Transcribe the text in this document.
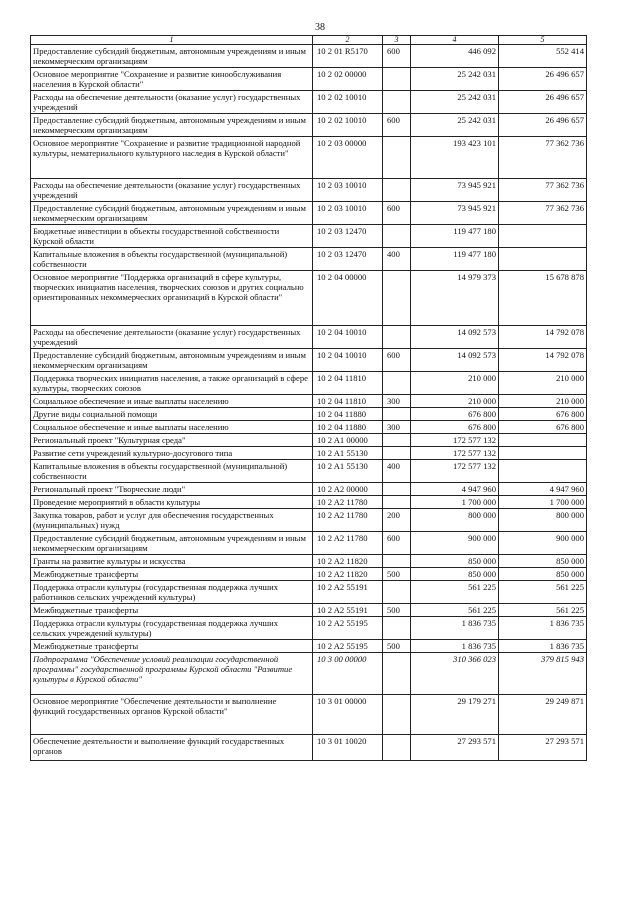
38
1	2	3	4	5
Предоставление субсидий бюджетным, автономным учреждениям и иным некоммерческим организациям	10 2 01 R5170	600	446 092	552 414
Основное мероприятие "Сохранение и развитие кинообслуживания населения в Курской области"	10 2 02 00000		25 242 031	26 496 657
Расходы на обеспечение деятельности (оказание услуг) государственных учреждений	10 2 02 10010		25 242 031	26 496 657
Предоставление субсидий бюджетным, автономным учреждениям и иным некоммерческим организациям	10 2 02 10010	600	25 242 031	26 496 657
Основное мероприятие "Сохранение и развитие традиционной народной культуры, нематериального культурного наследия в Курской области"	10 2 03 00000		193 423 101	77 362 736
Расходы на обеспечение деятельности (оказание услуг) государственных учреждений	10 2 03 10010		73 945 921	77 362 736
Предоставление субсидий бюджетным, автономным учреждениям и иным некоммерческим организациям	10 2 03 10010	600	73 945 921	77 362 736
Бюджетные инвестиции в объекты государственной собственности Курской области	10 2 03 12470		119 477 180	
Капитальные вложения в объекты государственной (муниципальной) собственности	10 2 03 12470	400	119 477 180	
Основное мероприятие "Поддержка организаций в сфере культуры, творческих инициатив населения, творческих союзов и других социально ориентированных некоммерческих организаций в Курской области"	10 2 04 00000		14 979 373	15 678 878
Расходы на обеспечение деятельности (оказание услуг) государственных учреждений	10 2 04 10010		14 092 573	14 792 078
Предоставление субсидий бюджетным, автономным учреждениям и иным некоммерческим организациям	10 2 04 10010	600	14 092 573	14 792 078
Поддержка творческих инициатив населения, а также организаций в сфере культуры, творческих союзов	10 2 04 11810		210 000	210 000
Социальное обеспечение и иные выплаты населению	10 2 04 11810	300	210 000	210 000
Другие виды социальной помощи	10 2 04 11880		676 800	676 800
Социальное обеспечение и иные выплаты населению	10 2 04 11880	300	676 800	676 800
Региональный проект "Культурная среда"	10 2 A1 00000		172 577 132	
Развитие сети учреждений культурно-досугового типа	10 2 A1 55130		172 577 132	
Капитальные вложения в объекты государственной (муниципальной) собственности	10 2 A1 55130	400	172 577 132	
Региональный проект "Творческие люди"	10 2 A2 00000		4 947 960	4 947 960
Проведение мероприятий в области культуры	10 2 A2 11780		1 700 000	1 700 000
Закупка товаров, работ и услуг для обеспечения государственных (муниципальных) нужд	10 2 A2 11780	200	800 000	800 000
Предоставление субсидий бюджетным, автономным учреждениям и иным некоммерческим организациям	10 2 A2 11780	600	900 000	900 000
Гранты на развитие культуры и искусства	10 2 A2 11820		850 000	850 000
Межбюджетные трансферты	10 2 A2 11820	500	850 000	850 000
Поддержка отрасли культуры (государственная поддержка лучших работников сельских учреждений культуры)	10 2 A2 55191		561 225	561 225
Межбюджетные трансферты	10 2 A2 55191	500	561 225	561 225
Поддержка отрасли культуры (государственная поддержка лучших сельских учреждений культуры)	10 2 A2 55195		1 836 735	1 836 735
Межбюджетные трансферты	10 2 A2 55195	500	1 836 735	1 836 735
Подпрограмма "Обеспечение условий реализации государственной программы" государственной программы Курской области "Развитие культуры в Курской области"	10 3 00 00000		310 366 023	379 815 943
Основное мероприятие "Обеспечение деятельности и выполнение функций государственных органов Курской области"	10 3 01 00000		29 179 271	29 249 871
Обеспечение деятельности и выполнение функций государственных органов	10 3 01 10020		27 293 571	27 293 571
